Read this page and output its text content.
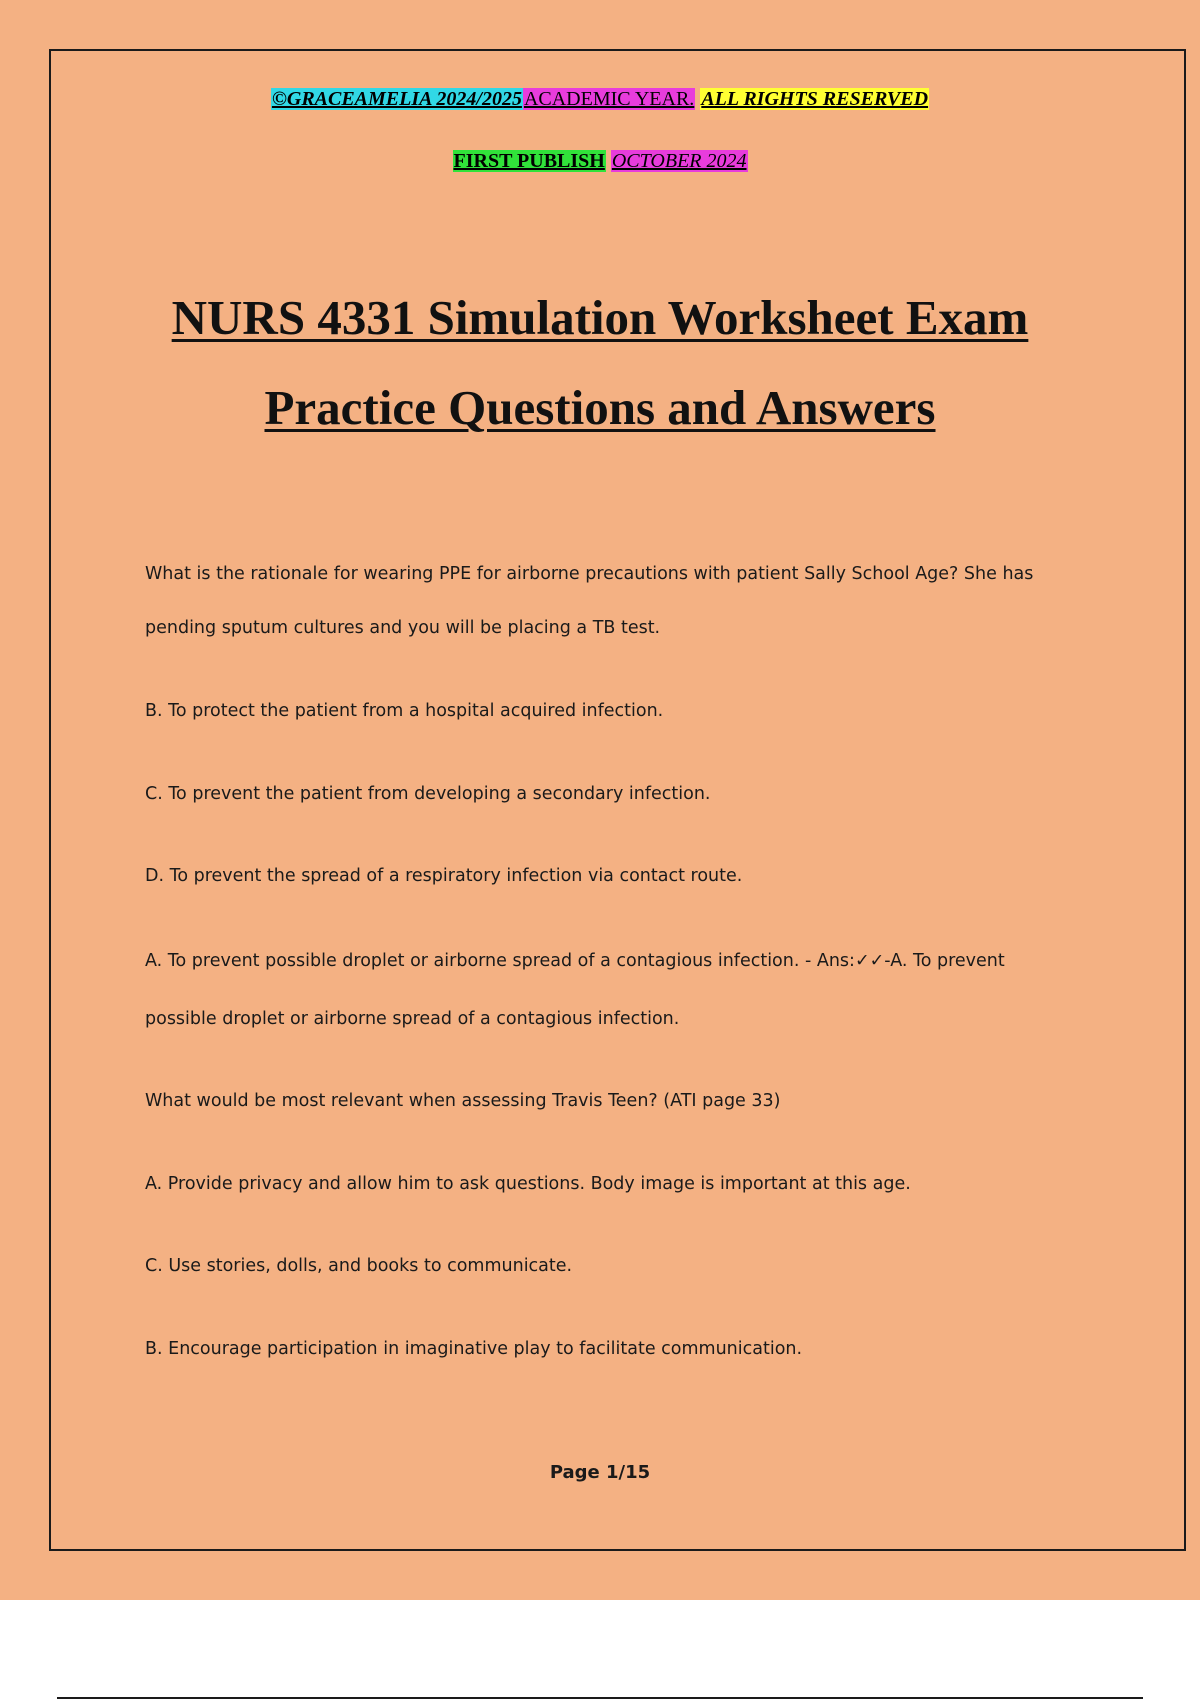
©GRACEAMELIA 2024/2025 ACADEMIC YEAR. ALL RIGHTS RESERVED
FIRST PUBLISH OCTOBER 2024
NURS 4331 Simulation Worksheet Exam
Practice Questions and Answers
What is the rationale for wearing PPE for airborne precautions with patient Sally School Age? She has
pending sputum cultures and you will be placing a TB test.
B. To protect the patient from a hospital acquired infection.
C. To prevent the patient from developing a secondary infection.
D. To prevent the spread of a respiratory infection via contact route.
A. To prevent possible droplet or airborne spread of a contagious infection. - Ans:✓✓-A. To prevent
possible droplet or airborne spread of a contagious infection.
What would be most relevant when assessing Travis Teen? (ATI page 33)
A. Provide privacy and allow him to ask questions. Body image is important at this age.
C. Use stories, dolls, and books to communicate.
B. Encourage participation in imaginative play to facilitate communication.
Page 1/15
